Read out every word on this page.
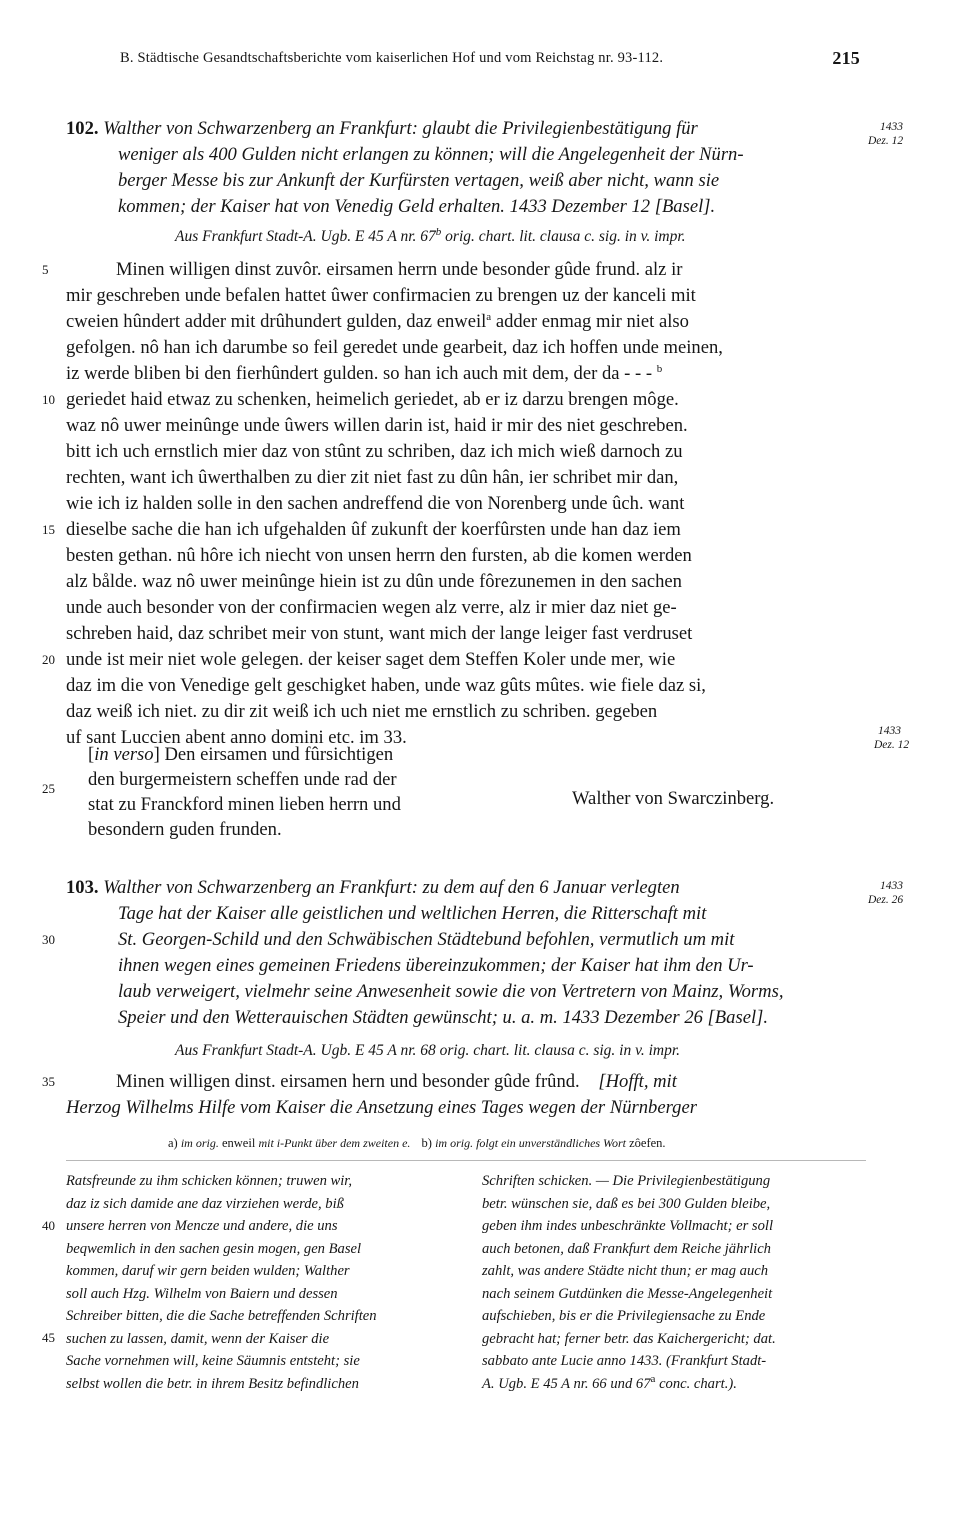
B. Städtische Gesandtschaftsberichte vom kaiserlichen Hof und vom Reichstag nr. 93-112.	215
102. Walther von Schwarzenberg an Frankfurt: glaubt die Privilegienbestätigung für
weniger als 400 Gulden nicht erlangen zu können; will die Angelegenheit der Nürn-
berger Messe bis zur Ankunft der Kurfürsten vertagen, weiß aber nicht, wann sie
kommen; der Kaiser hat von Venedig Geld erhalten. 1433 Dezember 12 [Basel].
1433
Dez. 12
Aus Frankfurt Stadt-A. Ugb. E 45 A nr. 67$^b$ orig. chart. lit. clausa c. sig. in v. impr.
Minen willigen dinst zuvôr. eirsamen herrn unde besonder gûde frund. alz ir
mir geschreben unde befalen hattet ûwer confirmacien zu brengen uz der kanceli mit
cweien hûndert adder mit drûhundert gulden, daz enweil$^a$ adder enmag mir niet also
gefolgen. nô han ich darumbe so feil geredet unde gearbeit, daz ich hoffen unde meinen,
iz werde bliben bi den fierhûndert gulden. so han ich auch mit dem, der da - - - $^b$
geriedet haid etwaz zu schenken, heimelich geriedet, ab er iz darzu brengen môge.
waz nô uwer meinûnge unde ûwers willen darin ist, haid ir mir des niet geschreben.
bitt ich uch ernstlich mier daz von stûnt zu schriben, daz ich mich wieß darnoch zu
rechten, want ich ûwerthalben zu dier zit niet fast zu dûn hân, ier schribet mir dan,
wie ich iz halden solle in den sachen andreffend die von Norenberg unde ûch. want
dieselbe sache die han ich ufgehalden ûf zukunft der koerfûrsten unde han daz iem
besten gethan. nû hôre ich niecht von unsen herrn den fursten, ab die komen werden
alz bålde. waz nô uwer meinûnge hiein ist zu dûn unde fôrezunemen in den sachen
unde auch besonder von der confirmacien wegen alz verre, alz ir mier daz niet ge-
schreben haid, daz schribet meir von stunt, want mich der lange leiger fast verdruset
unde ist meir niet wole gelegen. der keiser saget dem Steffen Koler unde mer, wie
daz im die von Venedige gelt geschigket haben, unde waz gûts mûtes. wie fiele daz si,
daz weiß ich niet. zu dir zit weiß ich uch niet me ernstlich zu schriben. gegeben
uf sant Luccien abent anno domini etc. im 33.	1433
Dez. 12
[in verso] Den eirsamen und fûrsichtigen
den burgermeistern scheffen unde rad der
stat zu Franckford minen lieben herrn und
besondern guden frunden.
Walther von Swarczinberg.
103. Walther von Schwarzenberg an Frankfurt: zu dem auf den 6 Januar verlegten
Tage hat der Kaiser alle geistlichen und weltlichen Herren, die Ritterschaft mit
St. Georgen-Schild und den Schwäbischen Städtebund befohlen, vermutlich um mit
ihnen wegen eines gemeinen Friedens übereinzukommen; der Kaiser hat ihm den Ur-
laub verweigert, vielmehr seine Anwesenheit sowie die von Vertretern von Mainz, Worms,
Speier und den Wetterauischen Städten gewünscht; u. a. m. 1433 Dezember 26 [Basel].
1433
Dez. 26
Aus Frankfurt Stadt-A. Ugb. E 45 A nr. 68 orig. chart. lit. clausa c. sig. in v. impr.
Minen willigen dinst. eirsamen hern und besonder gûde frûnd. [Hofft, mit
Herzog Wilhelms Hilfe vom Kaiser die Ansetzung eines Tages wegen der Nürnberger
a) im orig. enweil mit i-Punkt über dem zweiten e. b) im orig. folgt ein unverständliches Wort zôefen.
Ratsfreunde zu ihm schicken können; truwen wir,
daz iz sich damide ane daz virziehen werde, biß
unsere herren von Mencze und andere, die uns
beqwemlich in den sachen gesin mogen, gen Basel
kommen, daruf wir gern beiden wulden; Walther
soll auch Hzg. Wilhelm von Baiern und dessen
Schreiber bitten, die die Sache betreffenden Schriften
suchen zu lassen, damit, wenn der Kaiser die
Sache vornehmen will, keine Säumnis entsteht; sie
selbst wollen die betr. in ihrem Besitz befindlichen
Schriften schicken. — Die Privilegienbestätigung
betr. wünschen sie, daß es bei 300 Gulden bleibe,
geben ihm indes unbeschränkte Vollmacht; er soll
auch betonen, daß Frankfurt dem Reiche jährlich
zahlt, was andere Städte nicht thun; er mag auch
nach seinem Gutdünken die Messe-Angelegenheit
aufschieben, bis er die Privilegiensache zu Ende
gebracht hat; ferner betr. das Kaichergericht; dat.
sabbato ante Lucie anno 1433. (Frankfurt Stadt-
A. Ugb. E 45 A nr. 66 und 67$^a$ conc. chart.).
5
10
15
20
25
30
35
40
45
